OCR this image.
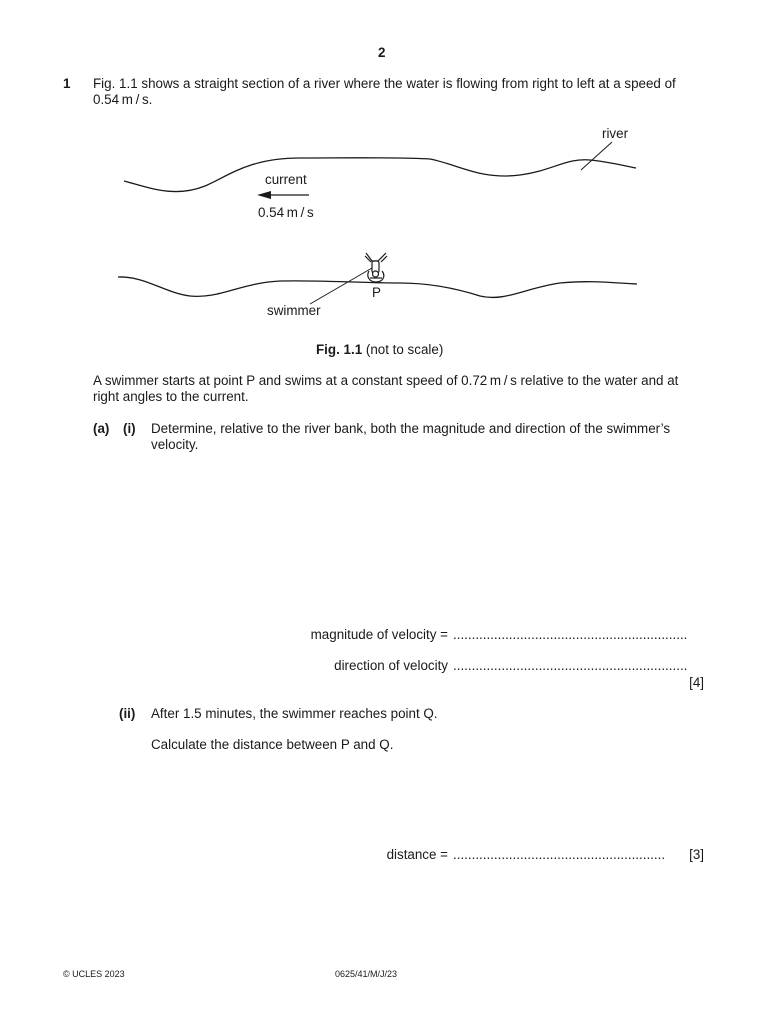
2
1 Fig. 1.1 shows a straight section of a river where the water is flowing from right to left at a speed of 0.54 m / s.
river
current
0.54 m / s
P
swimmer
Fig. 1.1 (not to scale)
A swimmer starts at point P and swims at a constant speed of 0.72 m / s relative to the water and at right angles to the current.
(a) (i) Determine, relative to the river bank, both the magnitude and direction of the swimmer’s velocity.
magnitude of velocity = ...............................................................
direction of velocity ...............................................................
[4]
(ii) After 1.5 minutes, the swimmer reaches point Q.
Calculate the distance between P and Q.
distance = .........................................................	[3]
© UCLES 2023	0625/41/M/J/23
